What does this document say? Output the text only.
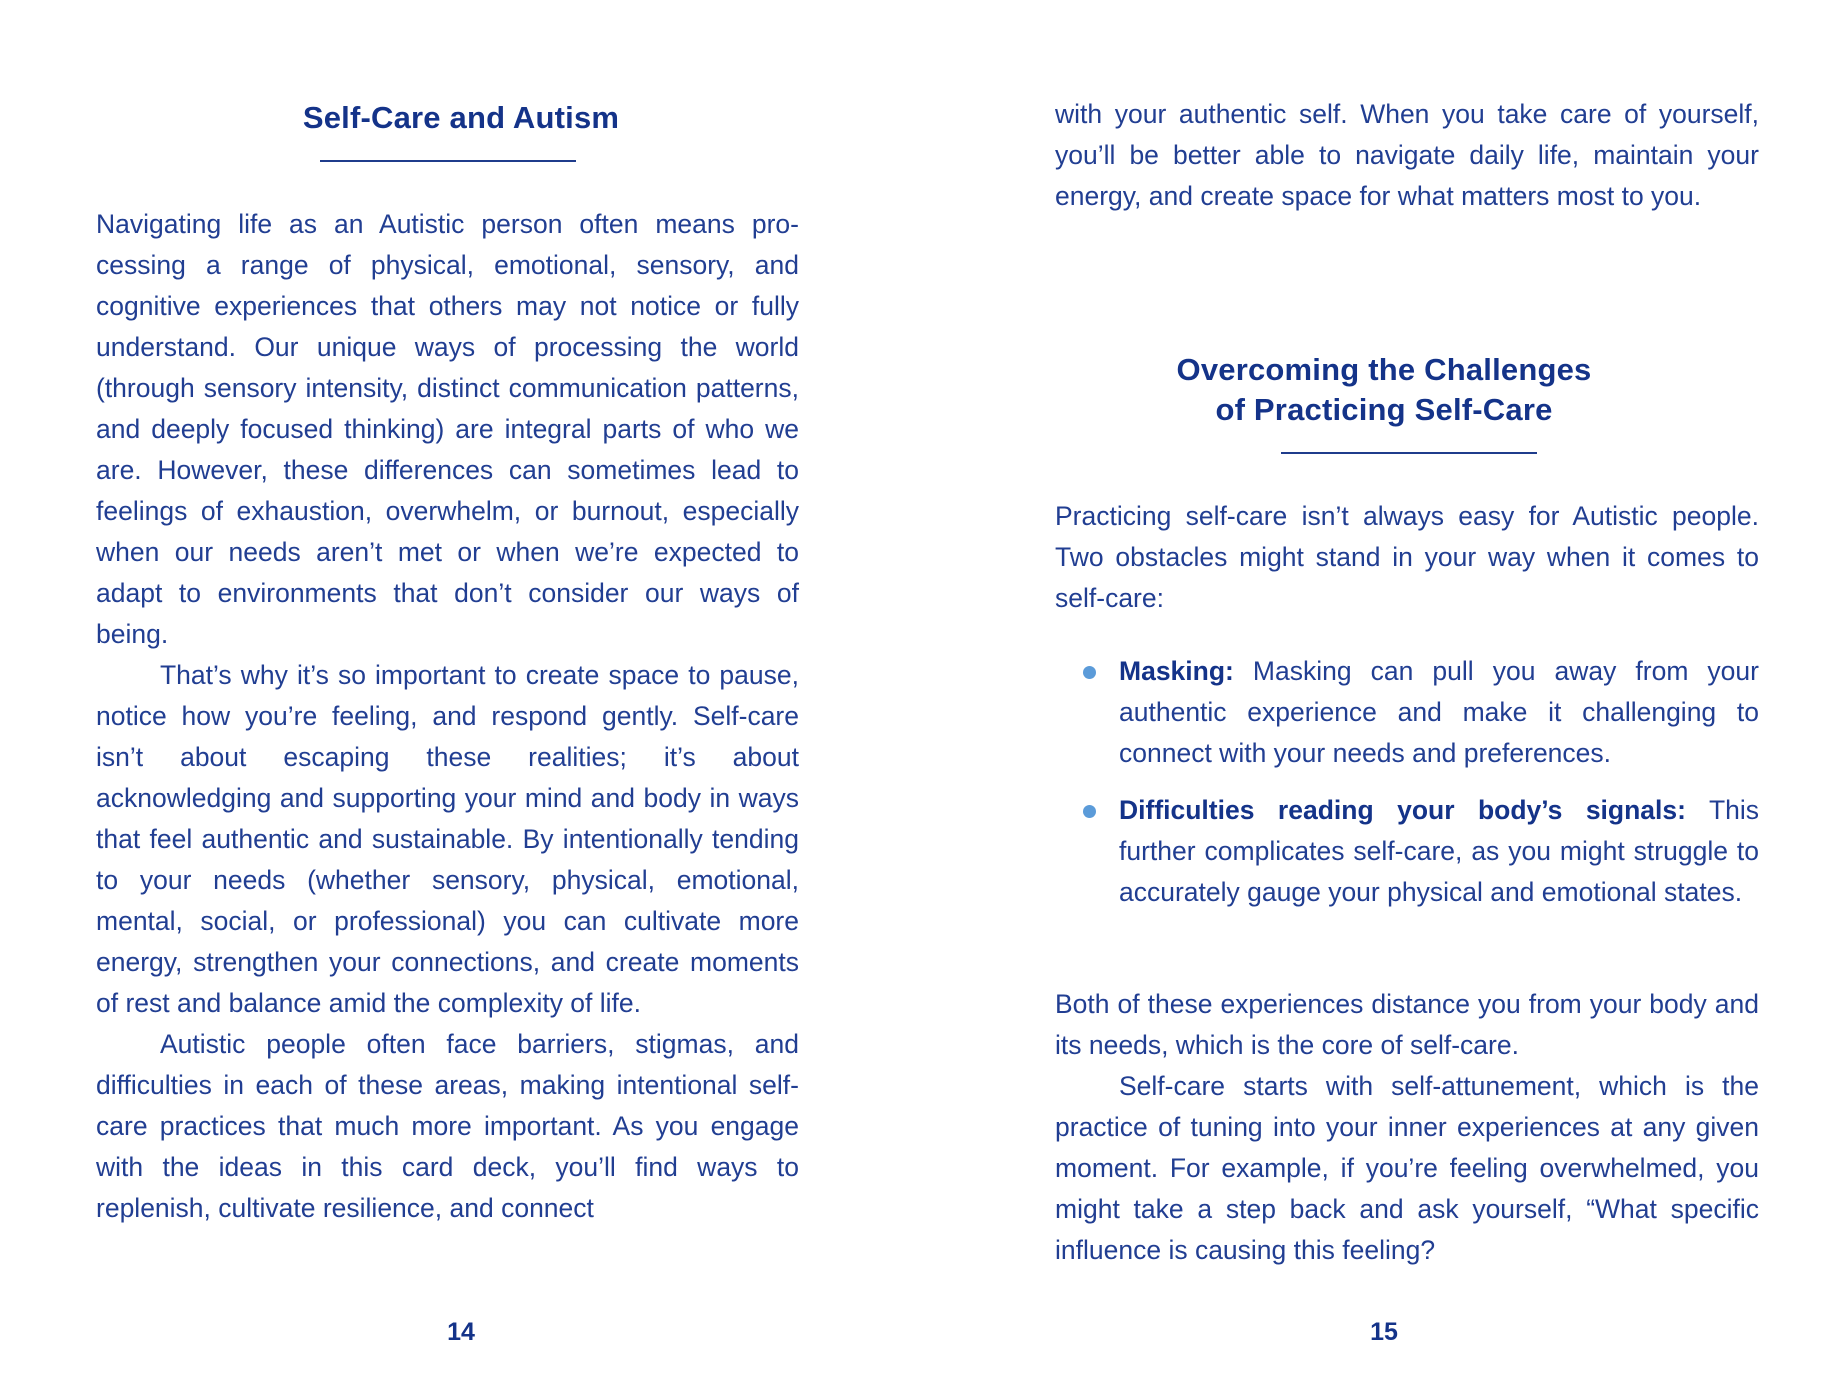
Self-Care and Autism

Navigating life as an Autistic person often means processing a range of physical, emotional, sensory, and cognitive experiences that others may not notice or fully understand. Our unique ways of processing the world (through sensory intensity, distinct communication patterns, and deeply focused thinking) are integral parts of who we are. However, these differences can sometimes lead to feelings of exhaustion, overwhelm, or burnout, especially when our needs aren’t met or when we’re expected to adapt to environments that don’t consider our ways of being.

That’s why it’s so important to create space to pause, notice how you’re feeling, and respond gently. Self-care isn’t about escaping these realities; it’s about acknowledging and supporting your mind and body in ways that feel authentic and sustainable. By intentionally tending to your needs (whether sensory, physical, emotional, mental, social, or professional) you can cultivate more energy, strengthen your connections, and create moments of rest and balance amid the complexity of life.

Autistic people often face barriers, stigmas, and difficulties in each of these areas, making intentional self-care practices that much more important. As you engage with the ideas in this card deck, you’ll find ways to replenish, cultivate resilience, and connect

14

with your authentic self. When you take care of yourself, you’ll be better able to navigate daily life, maintain your energy, and create space for what matters most to you.

Overcoming the Challenges
of Practicing Self-Care

Practicing self-care isn’t always easy for Autistic people. Two obstacles might stand in your way when it comes to self-care:

Masking: Masking can pull you away from your authentic experience and make it challenging to connect with your needs and preferences.
Difficulties reading your body’s signals: This further complicates self-care, as you might struggle to accurately gauge your physical and emotional states.

Both of these experiences distance you from your body and its needs, which is the core of self-care.

Self-care starts with self-attunement, which is the practice of tuning into your inner experiences at any given moment. For example, if you’re feeling overwhelmed, you might take a step back and ask yourself, “What specific influence is causing this feeling?

15
